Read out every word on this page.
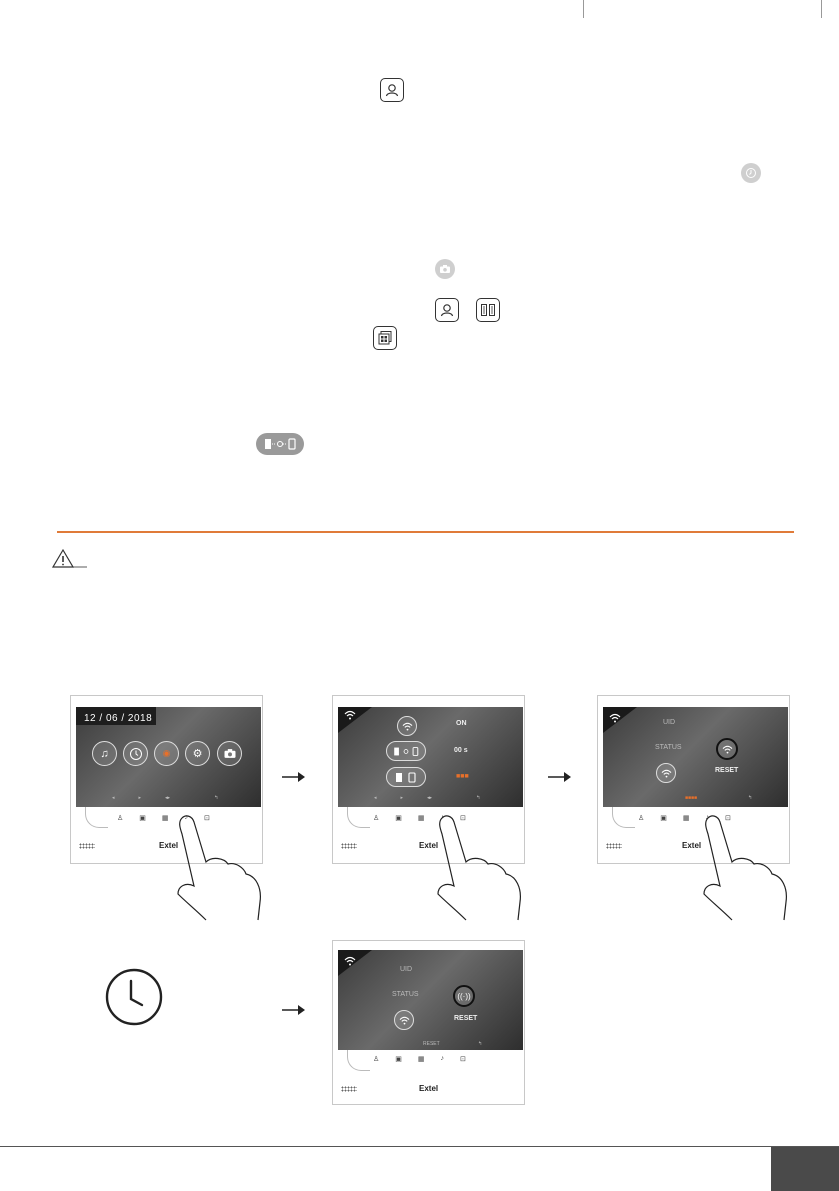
12 / 06 / 2018
♫	◉	⚙
◂	▸	◂▸	↰
♙ ▣ ▦ ♪ ⊡
Extel
ON
00 s
■■■
◂	▸	◂▸	↰
♙ ▣ ▦ ♪ ⊡
Extel
UID
STATUS
RESET
■■■■	↰
♙ ▣ ▦ ♪ ⊡
Extel
UID
STATUS	((·))
RESET
RESET	↰
♙ ▣ ▦ ♪ ⊡
Extel
